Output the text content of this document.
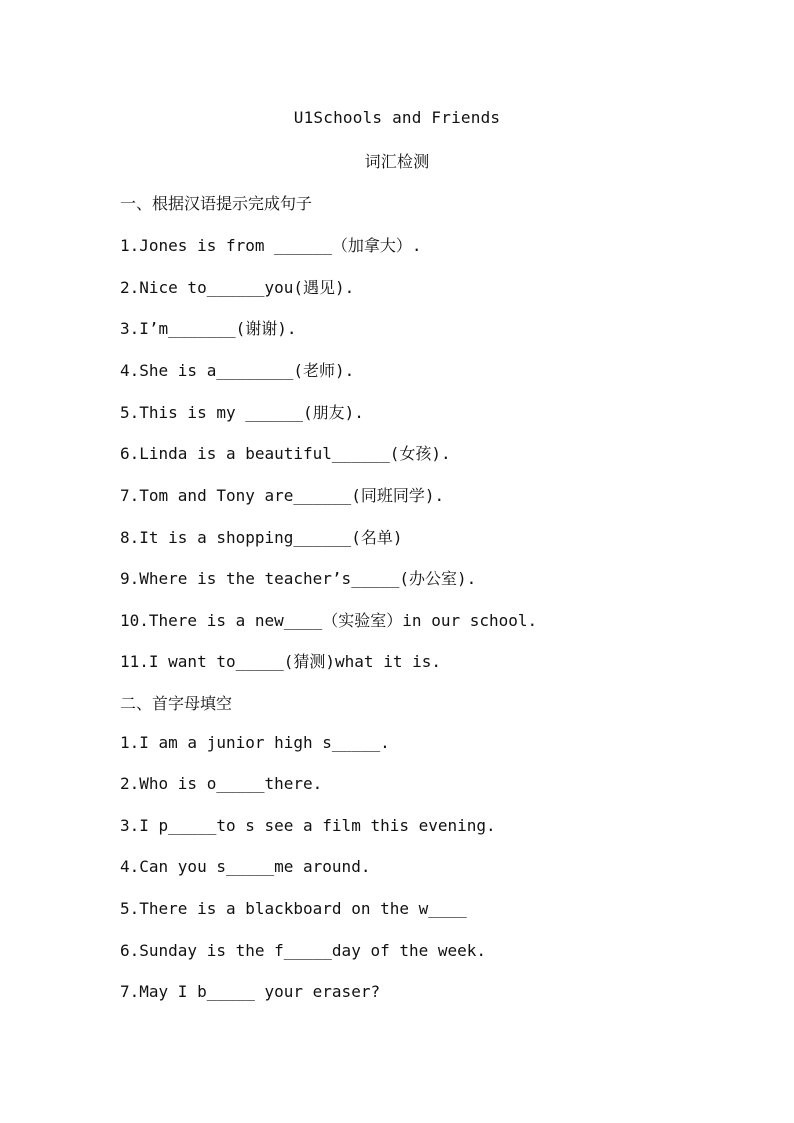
U1Schools and Friends
词汇检测
一、根据汉语提示完成句子
1.Jones is from ______（加拿大）.
2.Nice to______you(遇见).
3.I’m_______(谢谢).
4.She is a________(老师).
5.This is my ______(朋友).
6.Linda is a beautiful______(女孩).
7.Tom and Tony are______(同班同学).
8.It is a shopping______(名单)
9.Where is the teacher’s_____(办公室).
10.There is a new____（实验室）in our school.
11.I want to_____(猜测)what it is.
二、首字母填空
1.I am a junior high s_____.
2.Who is o_____there.
3.I p_____to s see a film this evening.
4.Can you s_____me around.
5.There is a blackboard on the w____
6.Sunday is the f_____day of the week.
7.May I b_____ your eraser?
